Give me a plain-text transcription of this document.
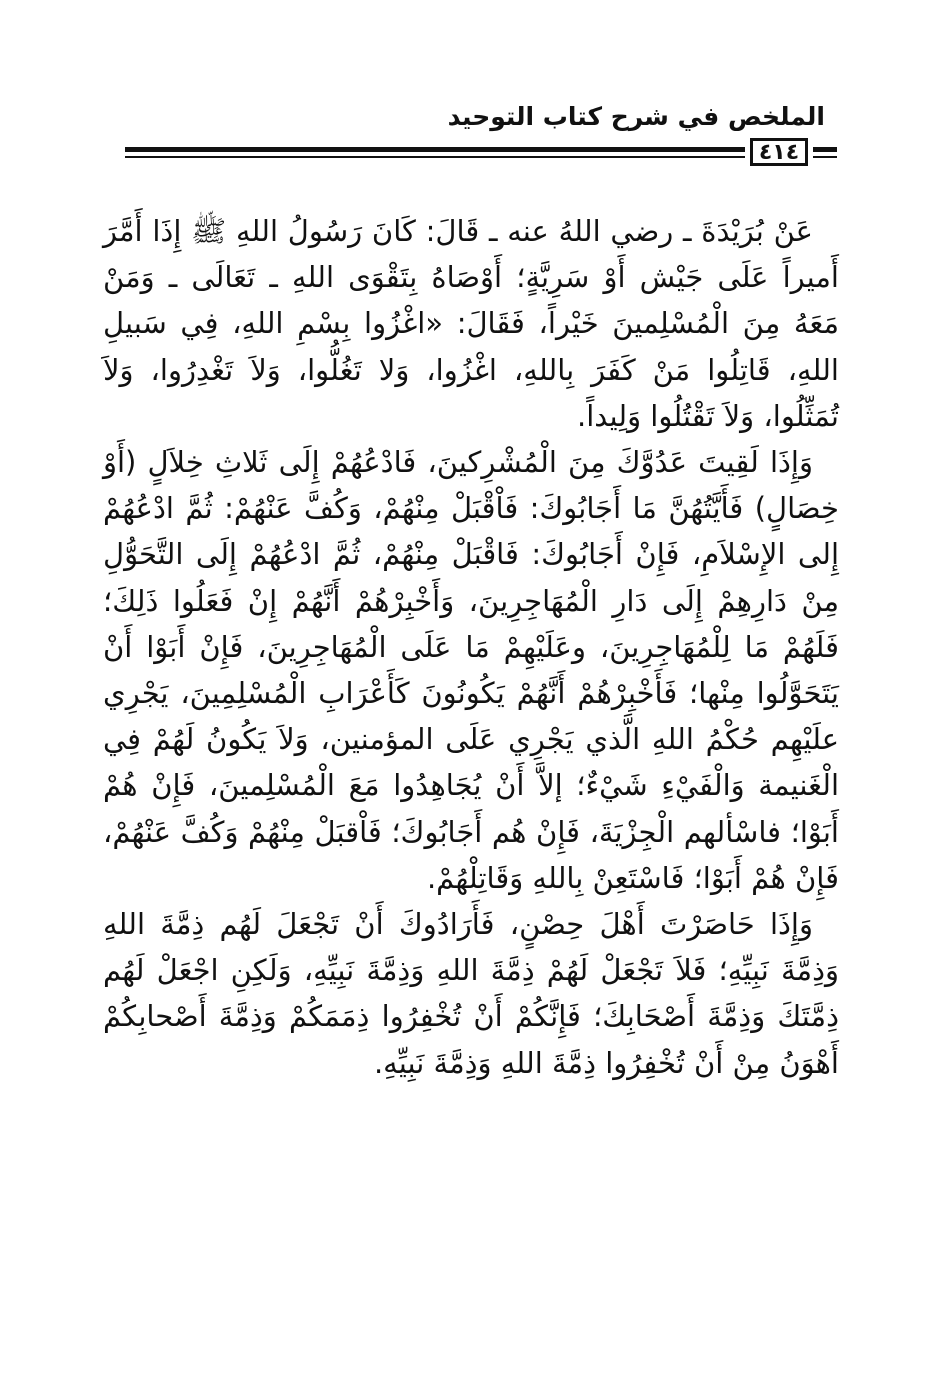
الملخص في شرح كتاب التوحيد
٤١٤

عَنْ بُرَيْدَةَ ـ رضي اللهُ عنه ـ قَالَ: كَانَ رَسُولُ اللهِ ﷺ إِذَا أَمَّرَ أَميراً عَلَى جَيْش أَوْ سَرِيَّةٍ؛ أَوْصَاهُ بِتَقْوَى اللهِ ـ تَعَالَى ـ وَمَنْ مَعَهُ مِنَ الْمُسْلِمينَ خَيْراً، فَقَالَ: «اغْزُوا بِسْمِ اللهِ، فِي سَبيلِ اللهِ، قَاتِلُوا مَنْ كَفَرَ بِاللهِ، اغْزُوا، وَلا تَغُلُّوا، وَلاَ تَغْدِرُوا، وَلاَ تُمَثِّلُوا، وَلاَ تَقْتُلُوا وَلِيداً.

وَإِذَا لَقِيتَ عَدُوَّكَ مِنَ الْمُشْرِكينَ، فَادْعُهُمْ إِلَى ثَلاثِ خِلاَلٍ (أَوْ خِصَالٍ) فَأَيَّتُهُنَّ مَا أَجَابُوكَ: فَاْقْبَلْ مِنْهُمْ، وَكُفَّ عَنْهُمْ: ثُمَّ ادْعُهُمْ إِلى الإِسْلاَمِ، فَإِنْ أَجَابُوكَ: فَاقْبَلْ مِنْهُمْ، ثُمَّ ادْعُهُمْ إِلَى التَّحَوُّلِ مِنْ دَارِهِمْ إِلَى دَارِ الْمُهَاجِرِينَ، وَأَخْبِرْهُمْ أَنَّهُمْ إِنْ فَعَلُوا ذَلِكَ؛ فَلَهُمْ مَا لِلْمُهَاجِرِينَ، وعَلَيْهِمْ مَا عَلَى الْمُهَاجِرِينَ، فَإِنْ أَبَوْا أَنْ يَتَحَوَّلُوا مِنْها؛ فَأَخْبِرْهُمْ أَنَّهُمْ يَكُونُونَ كَأَعْرَابِ الْمُسْلِمِينَ، يَجْرِي علَيْهِم حُكْمُ اللهِ الَّذي يَجْرِي عَلَى المؤمنين، وَلاَ يَكُونُ لَهُمْ فِي الْغَنيمة وَالْفَيْءِ شَيْءٌ؛ إلاَّ أَنْ يُجَاهِدُوا مَعَ الْمُسْلِمينَ، فَإِنْ هُمْ أَبَوْا؛ فاسْألهم الْجِزْيَةَ، فَإِنْ هُم أَجَابُوكَ؛ فَاْقبَلْ مِنْهُمْ وَكُفَّ عَنْهُمْ، فَإِنْ هُمْ أَبَوْا؛ فَاسْتَعِنْ بِاللهِ وَقَاتِلْهُمْ.

وَإِذَا حَاصَرْتَ أَهْلَ حِصْنٍ، فَأَرَادُوكَ أَنْ تَجْعَلَ لَهُم ذِمَّةَ اللهِ وَذِمَّةَ نَبِيِّهِ؛ فَلاَ تَجْعَلْ لَهُمْ ذِمَّةَ اللهِ وَذِمَّةَ نَبِيِّهِ، وَلَكِنِ اجْعَلْ لَهُم ذِمَّتَكَ وَذِمَّةَ أَصْحَابِكَ؛ فَإِنَّكُمْ أَنْ تُخْفِرُوا ذِمَمَكُمْ وَذِمَّةَ أَصْحابِكُمْ أَهْوَنُ مِنْ أَنْ تُخْفِرُوا ذِمَّةَ اللهِ وَذِمَّةَ نَبِيِّهِ.
